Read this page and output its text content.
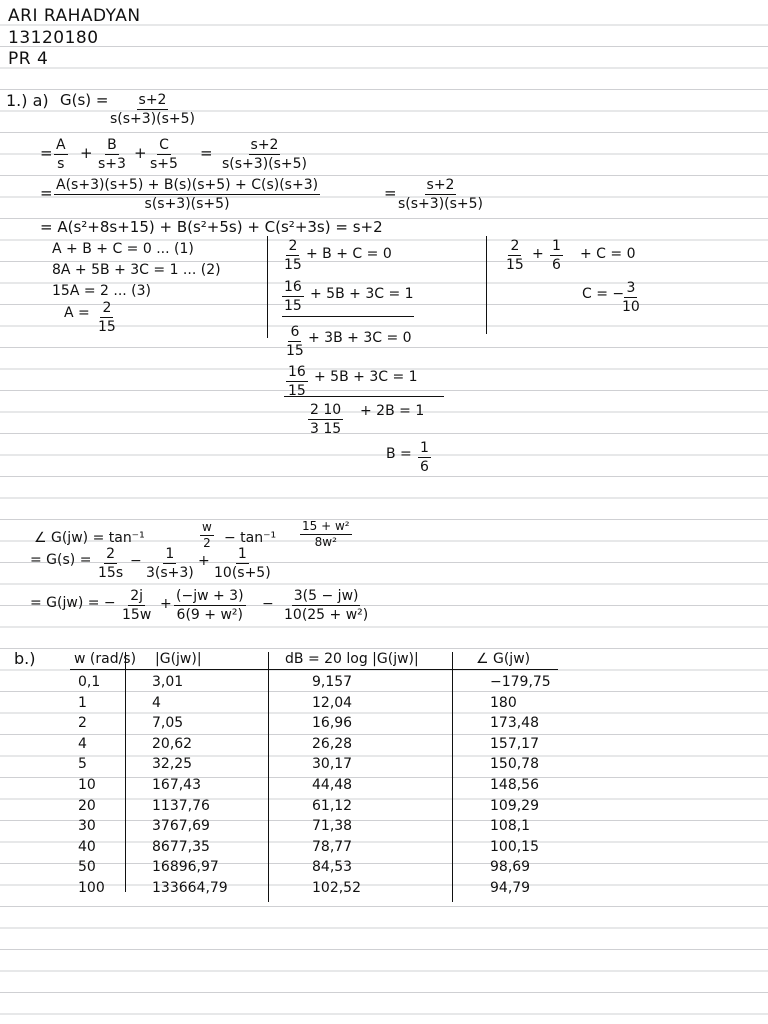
ARI RAHADYAN
13120180
PR 4
1.) a) $G(s) = \frac{s+2}{s(s+3)(s+5)}$
= $\frac{A}{s} + \frac{B}{s+3} + \frac{C}{s+5} = \frac{s+2}{s(s+3)(s+5)}$
= $\frac{A(s+3)(s+5) + B(s)(s+5) + C(s)(s+3)}{s(s+3)(s+5)}$	= $\frac{s+2}{s(s+3)(s+5)}$
= A(s²+8s+15) + B(s²+5s) + C(s²+3s) = s+2
A + B + C = 0 ... (1)
8A + 5B + 3C = 1 ... (2)
15A = 2 ... (3)
$A = \frac{2}{15}$
$\frac{2}{15} + B + C = 0$
$\frac{16}{15} + 5B + 3C = 1$
$\frac{6}{15} + 3B + 3C = 0$
$\frac{16}{15} + 5B + 3C = 1$
$\frac{2 10}{3 15} + 2B = 1$
$B = \frac{1}{6}$
$\frac{2}{15} + \frac{1}{6} + C = 0$
C = −
$\frac{3}{10}$
∠ G(jw) = tan⁻¹	$\frac{w}{2} - \tan^{-1} \frac{\text{15 + w²}}{\text{8w²}}$
= $G(s) = \frac{2}{15s} - \frac{1}{3(s+3)} + \frac{1}{10(s+5)}$
= G(jw) = − $\frac{2j}{15w} + \frac{(-jw + 3)}{\text{6(9 + w²)}} - \frac{3(5 - jw)}{\text{10(25 + w²)}}$
b.)	w (rad/s) |G(jw)|	dB = 20 log |G(jw)|	∠ G(jw)
0,1	3,01	9,157	−179,75
1	4	12,04	180
2	7,05	16,96	173,48
4	20,62	26,28	157,17
5	32,25	30,17	150,78
10	167,43	44,48	148,56
20	1137,76	61,12	109,29
30	3767,69	71,38	108,1
40	8677,35	78,77	100,15
50	16896,97	84,53	98,69
100	133664,79	102,52	94,79
